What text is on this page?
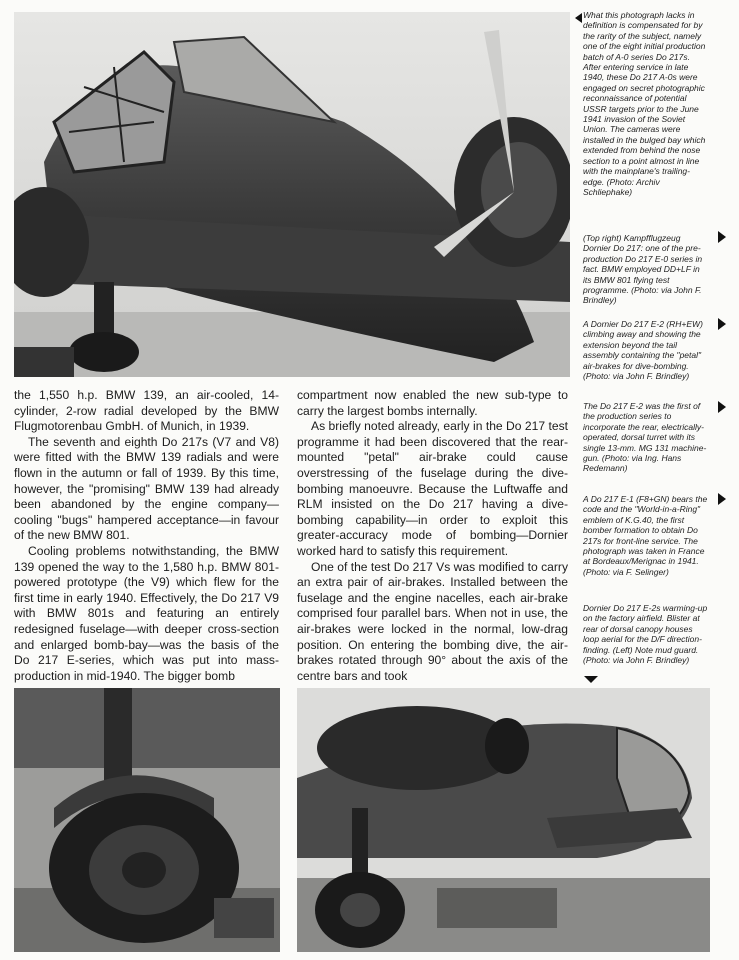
What this photograph lacks in definition is compensated for by the rarity of the subject, namely one of the eight initial production batch of A-0 series Do 217s. After entering service in late 1940, these Do 217 A-0s were engaged on secret photographic reconnaissance of potential USSR targets prior to the June 1941 invasion of the Soviet Union. The cameras were installed in the bulged bay which extended from behind the nose section to a point almost in line with the mainplane's trailing-edge. (Photo: Archiv Schliephake)

(Top right) Kampfflugzeug Dornier Do 217: one of the pre-production Do 217 E-0 series in fact. BMW employed DD+LF in its BMW 801 flying test programme. (Photo: via John F. Brindley)

A Dornier Do 217 E-2 (RH+EW) climbing away and showing the extension beyond the tail assembly containing the "petal" air-brakes for dive-bombing. (Photo: via John F. Brindley)

The Do 217 E-2 was the first of the production series to incorporate the rear, electrically-operated, dorsal turret with its single 13-mm. MG 131 machine-gun. (Photo: via Ing. Hans Redemann)

A Do 217 E-1 (F8+GN) bears the code and the "World-in-a-Ring" emblem of K.G.40, the first bomber formation to obtain Do 217s for front-line service. The photograph was taken in France at Bordeaux/Merignac in 1941. (Photo: via F. Selinger)

Dornier Do 217 E-2s warming-up on the factory airfield. Blister at rear of dorsal canopy houses loop aerial for the D/F direction-finding. (Left) Note mud guard. (Photo: via John F. Brindley)

the 1,550 h.p. BMW 139, an air-cooled, 14-cylinder, 2-row radial developed by the BMW Flugmotorenbau GmbH. of Munich, in 1939.

The seventh and eighth Do 217s (V7 and V8) were fitted with the BMW 139 radials and were flown in the autumn or fall of 1939. By this time, however, the "promising" BMW 139 had already been abandoned by the engine company—cooling "bugs" hampered acceptance—in favour of the new BMW 801.

Cooling problems notwithstanding, the BMW 139 opened the way to the 1,580 h.p. BMW 801-powered prototype (the V9) which flew for the first time in early 1940. Effectively, the Do 217 V9 with BMW 801s and featuring an entirely redesigned fuselage—with deeper cross-section and enlarged bomb-bay—was the basis of the Do 217 E-series, which was put into mass-production in mid-1940. The bigger bomb

compartment now enabled the new sub-type to carry the largest bombs internally.

As briefly noted already, early in the Do 217 test programme it had been discovered that the rear-mounted "petal" air-brake could cause overstressing of the fuselage during the dive-bombing manoeuvre. Because the Luftwaffe and RLM insisted on the Do 217 having a dive-bombing capability—in order to exploit this greater-accuracy mode of bombing—Dornier worked hard to satisfy this requirement.

One of the test Do 217 Vs was modified to carry an extra pair of air-brakes. Installed between the fuselage and the engine nacelles, each air-brake comprised four parallel bars. When not in use, the air-brakes were locked in the normal, low-drag position. On entering the bombing dive, the air-brakes rotated through 90° about the axis of the centre bars and took
